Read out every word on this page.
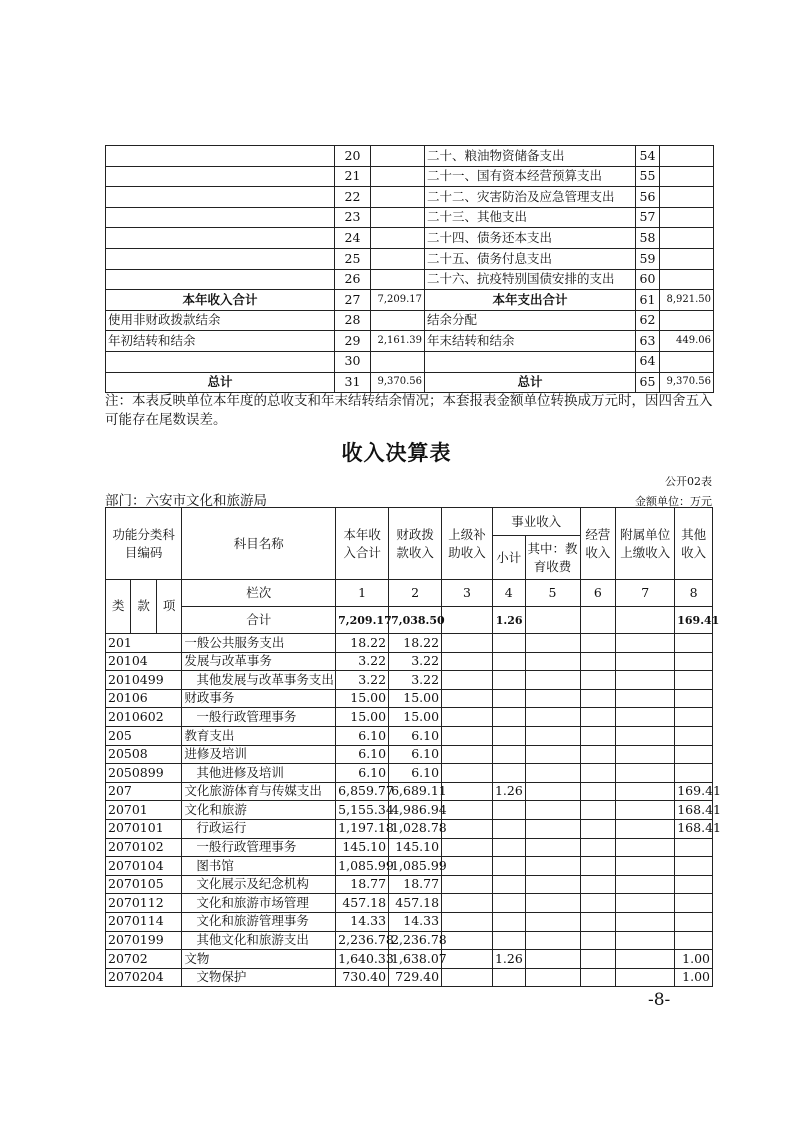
	20		二十、粮油物资储备支出	54	
	21		二十一、国有资本经营预算支出	55	
	22		二十二、灾害防治及应急管理支出	56	
	23		二十三、其他支出	57	
	24		二十四、债务还本支出	58	
	25		二十五、债务付息支出	59	
	26		二十六、抗疫特别国债安排的支出	60	
本年收入合计	27	7,209.17	本年支出合计	61	8,921.50
使用非财政拨款结余	28		结余分配	62	
年初结转和结余	29	2,161.39	年末结转和结余	63	449.06
	30			64	
总计	31	9,370.56	总计	65	9,370.56
注：本表反映单位本年度的总收支和年末结转结余情况；本套报表金额单位转换成万元时，因四舍五入可能存在尾数误差。
收入决算表
公开02表
部门：六安市文化和旅游局	金额单位：万元
功能分类科目编码			科目名称	本年收入合计	财政拨款收入	上级补助收入	事业收入		经营收入	附属单位上缴收入	其他收入
							小计	其中：教育收费			
类	款	项	栏次	1	2	3	4	5	6	7	8
			合计	7,209.17	7,038.50		1.26				169.41
201			一般公共服务支出	18.22	18.22						
20104			发展与改革事务	3.22	3.22						
2010499			其他发展与改革事务支出	3.22	3.22						
20106			财政事务	15.00	15.00						
2010602			一般行政管理事务	15.00	15.00						
205			教育支出	6.10	6.10						
20508			进修及培训	6.10	6.10						
2050899			其他进修及培训	6.10	6.10						
207			文化旅游体育与传媒支出	6,859.77	6,689.11		1.26				169.41
20701			文化和旅游	5,155.34	4,986.94						168.41
2070101			行政运行	1,197.18	1,028.78						168.41
2070102			一般行政管理事务	145.10	145.10						
2070104			图书馆	1,085.99	1,085.99						
2070105			文化展示及纪念机构	18.77	18.77						
2070112			文化和旅游市场管理	457.18	457.18						
2070114			文化和旅游管理事务	14.33	14.33						
2070199			其他文化和旅游支出	2,236.78	2,236.78						
20702			文物	1,640.33	1,638.07		1.26				1.00
2070204			文物保护	730.40	729.40						1.00
-8-
